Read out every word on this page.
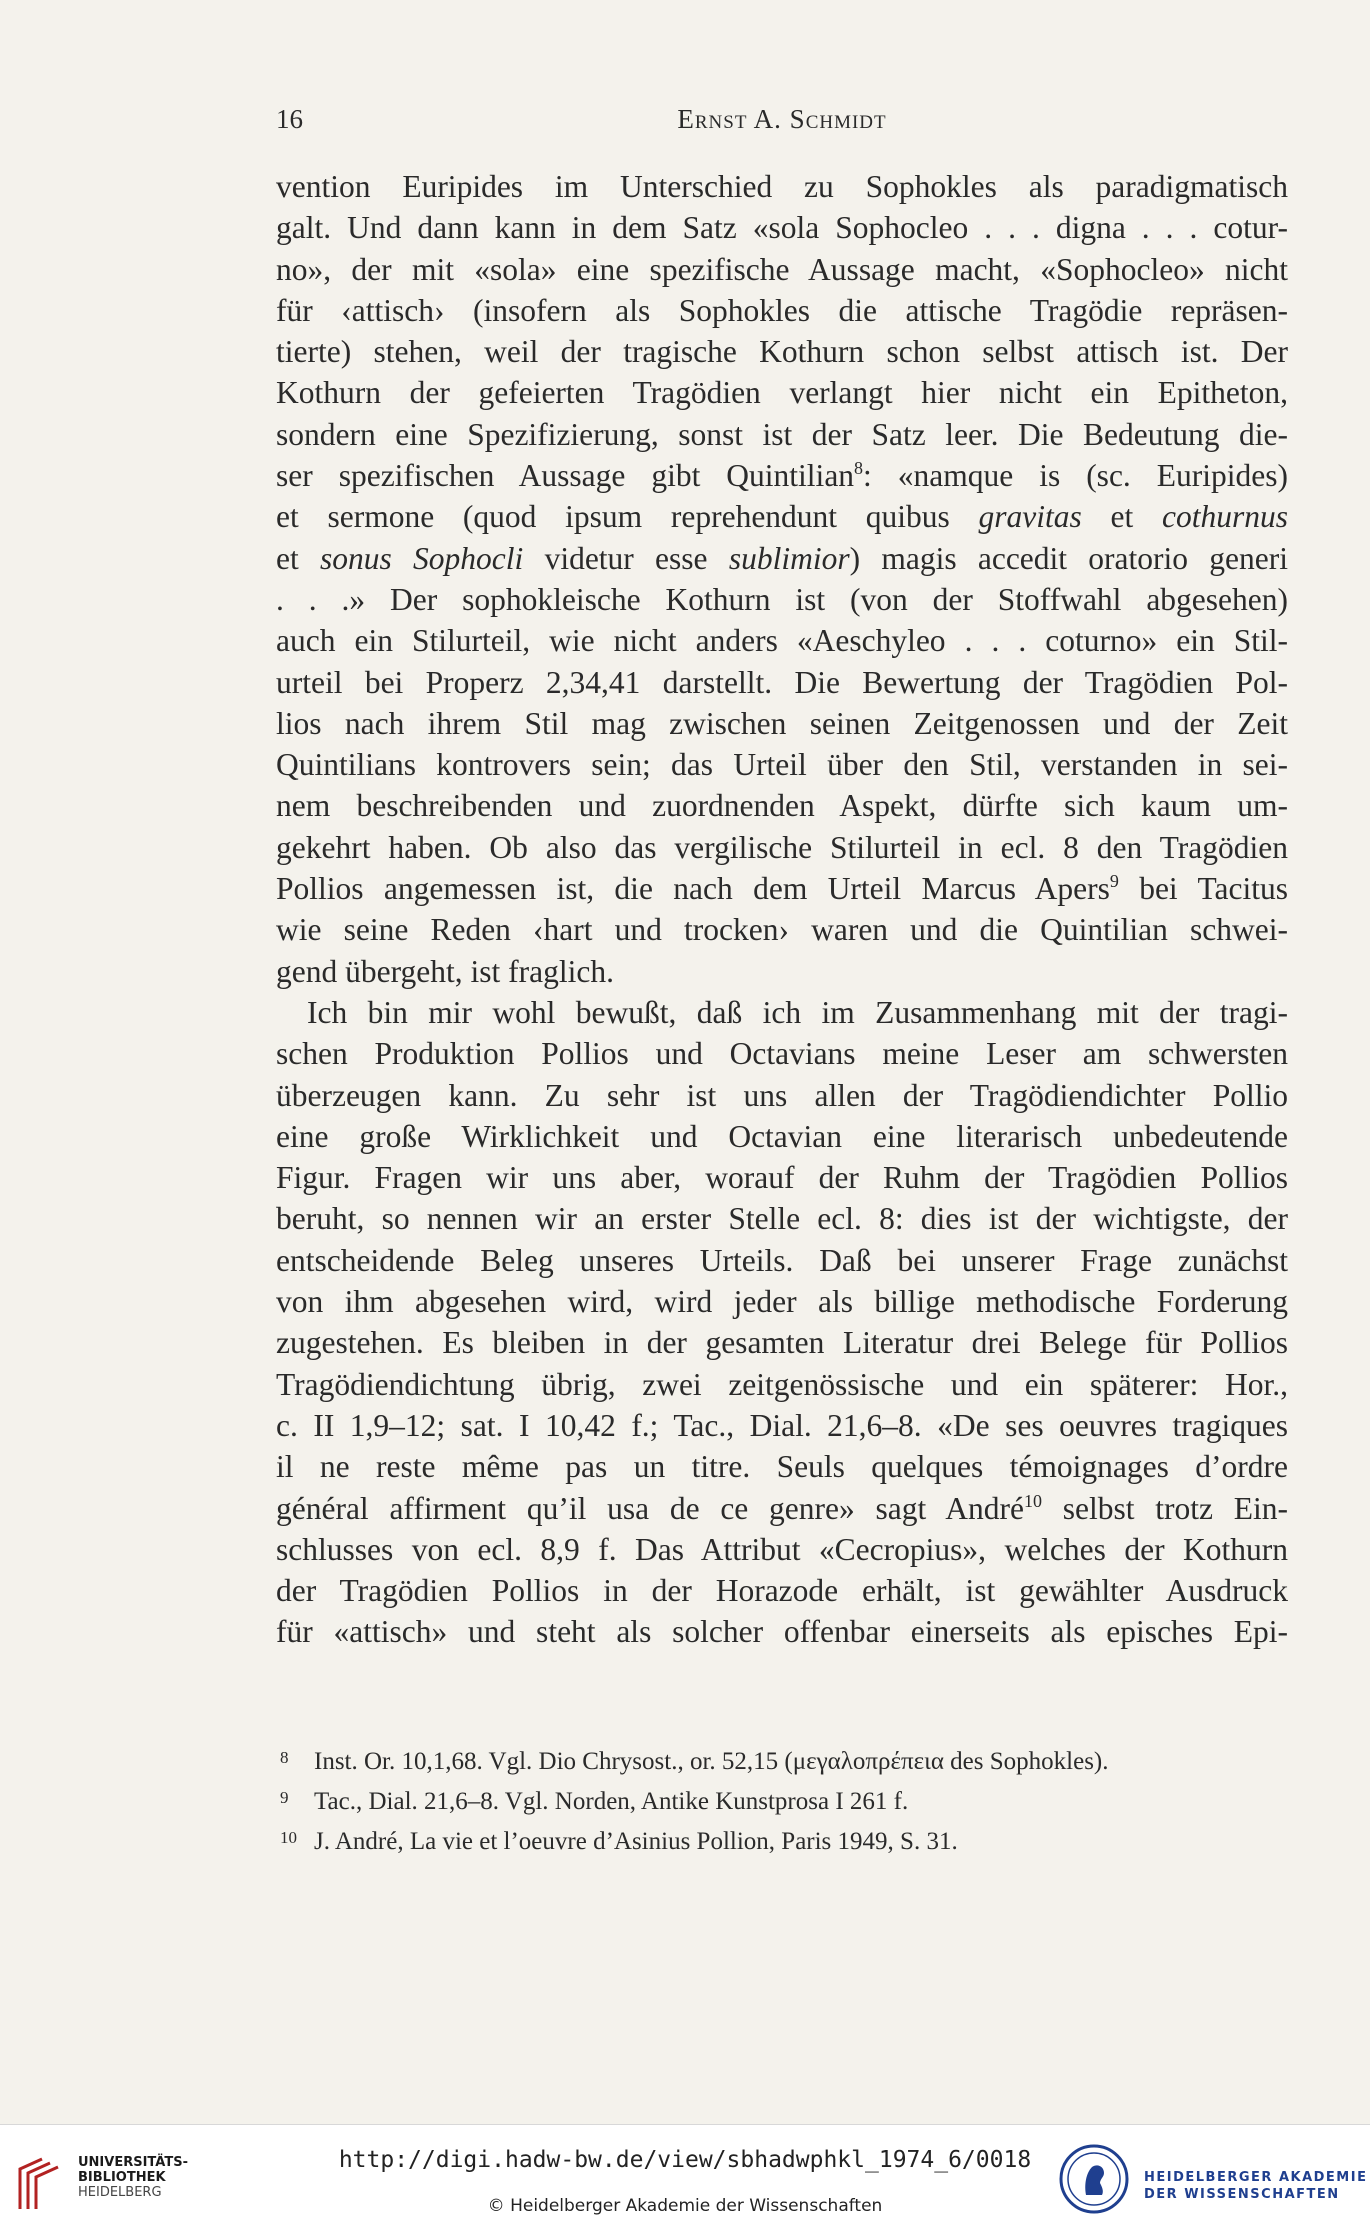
16	Ernst A. Schmidt
vention Euripides im Unterschied zu Sophokles als paradigmatisch
galt. Und dann kann in dem Satz «sola Sophocleo . . . digna . . . cotur-
no», der mit «sola» eine spezifische Aussage macht, «Sophocleo» nicht
für ‹attisch› (insofern als Sophokles die attische Tragödie repräsen-
tierte) stehen, weil der tragische Kothurn schon selbst attisch ist. Der
Kothurn der gefeierten Tragödien verlangt hier nicht ein Epitheton,
sondern eine Spezifizierung, sonst ist der Satz leer. Die Bedeutung die-
ser spezifischen Aussage gibt Quintilian$^8$: «namque is (sc. Euripides)
et sermone (quod ipsum reprehendunt quibus gravitas et cothurnus
et sonus Sophocli videtur esse sublimior) magis accedit oratorio generi
. . .» Der sophokleische Kothurn ist (von der Stoffwahl abgesehen)
auch ein Stilurteil, wie nicht anders «Aeschyleo . . . coturno» ein Stil-
urteil bei Properz 2,34,41 darstellt. Die Bewertung der Tragödien Pol-
lios nach ihrem Stil mag zwischen seinen Zeitgenossen und der Zeit
Quintilians kontrovers sein; das Urteil über den Stil, verstanden in sei-
nem beschreibenden und zuordnenden Aspekt, dürfte sich kaum um-
gekehrt haben. Ob also das vergilische Stilurteil in ecl. 8 den Tragödien
Pollios angemessen ist, die nach dem Urteil Marcus Apers$^9$ bei Tacitus
wie seine Reden ‹hart und trocken› waren und die Quintilian schwei-
gend übergeht, ist fraglich.
Ich bin mir wohl bewußt, daß ich im Zusammenhang mit der tragi-
schen Produktion Pollios und Octavians meine Leser am schwersten
überzeugen kann. Zu sehr ist uns allen der Tragödiendichter Pollio
eine große Wirklichkeit und Octavian eine literarisch unbedeutende
Figur. Fragen wir uns aber, worauf der Ruhm der Tragödien Pollios
beruht, so nennen wir an erster Stelle ecl. 8: dies ist der wichtigste, der
entscheidende Beleg unseres Urteils. Daß bei unserer Frage zunächst
von ihm abgesehen wird, wird jeder als billige methodische Forderung
zugestehen. Es bleiben in der gesamten Literatur drei Belege für Pollios
Tragödiendichtung übrig, zwei zeitgenössische und ein späterer: Hor.,
c. II 1,9–12; sat. I 10,42 f.; Tac., Dial. 21,6–8. «De ses oeuvres tragiques
il ne reste même pas un titre. Seuls quelques témoignages d’ordre
général affirment qu’il usa de ce genre» sagt André$^{10}$ selbst trotz Ein-
schlusses von ecl. 8,9 f. Das Attribut «Cecropius», welches der Kothurn
der Tragödien Pollios in der Horazode erhält, ist gewählter Ausdruck
für «attisch» und steht als solcher offenbar einerseits als episches Epi-
8 Inst. Or. 10,1,68. Vgl. Dio Chrysost., or. 52,15 (μεγαλοπρέπεια des Sophokles).
9 Tac., Dial. 21,6–8. Vgl. Norden, Antike Kunstprosa I 261 f.
10 J. André, La vie et l’oeuvre d’Asinius Pollion, Paris 1949, S. 31.
UNIVERSITÄTS-
BIBLIOTHEK
HEIDELBERG
http://digi.hadw-bw.de/view/sbhadwphkl_1974_6/0018
© Heidelberger Akademie der Wissenschaften
HEIDELBERGER AKADEMIE
DER WISSENSCHAFTEN
